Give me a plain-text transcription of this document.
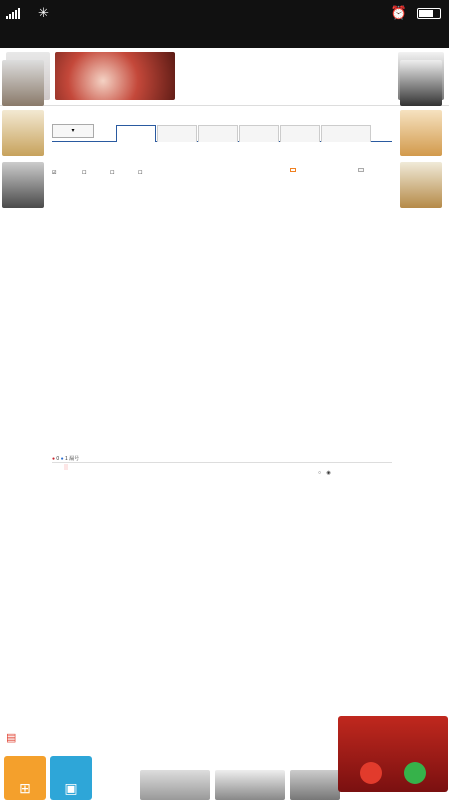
✳	⏰
▾
☑	☐	☐	☐
● 0 ● 1 漏号
○ ◉
▤
⊞ ▣
